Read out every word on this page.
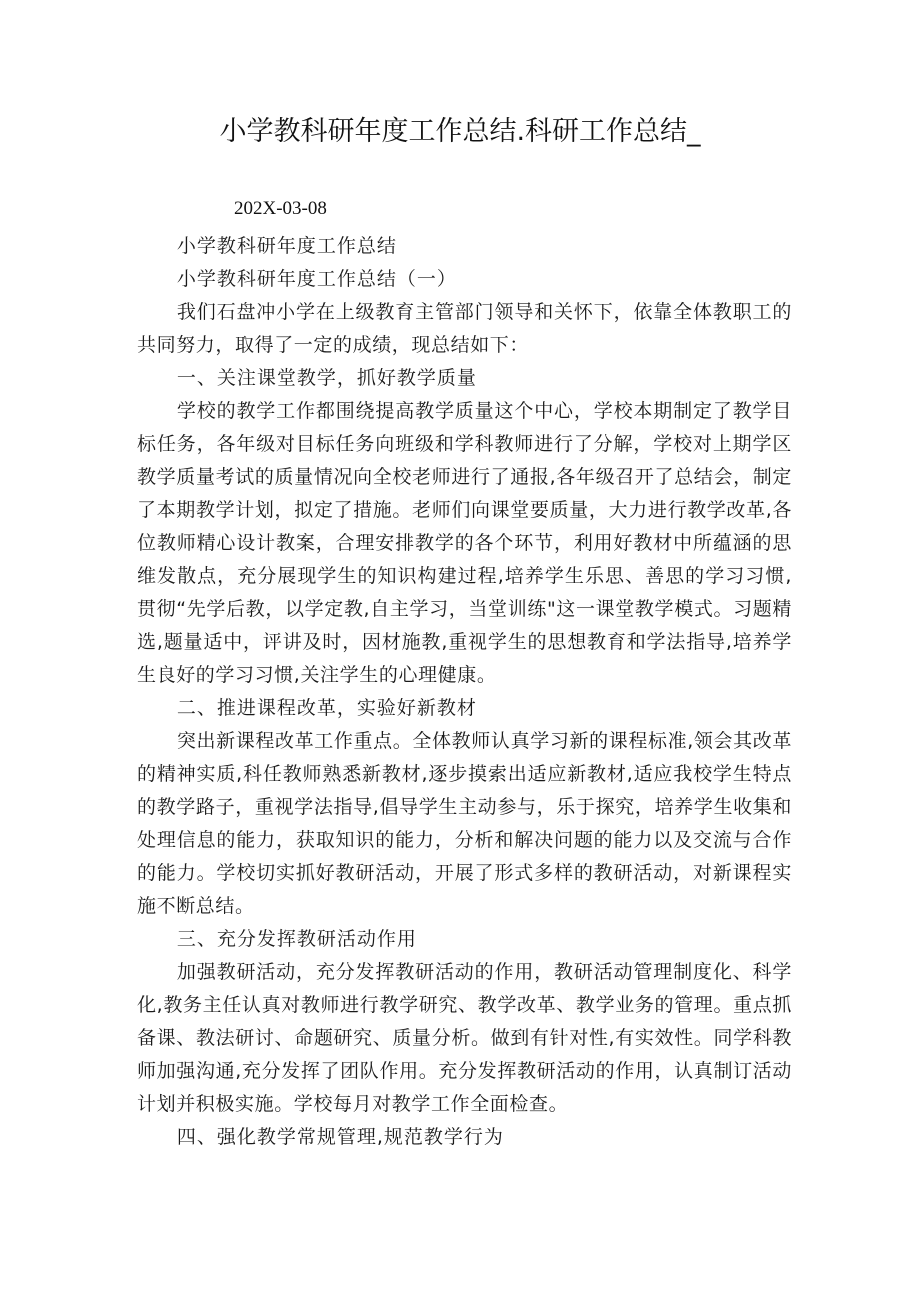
小学教科研年度工作总结.科研工作总结_
202X-03-08

小学教科研年度工作总结

小学教科研年度工作总结（一）

我们石盘冲小学在上级教育主管部门领导和关怀下，依靠全体教职工的共同努力，取得了一定的成绩，现总结如下：

一、关注课堂教学，抓好教学质量

学校的教学工作都围绕提高教学质量这个中心，学校本期制定了教学目标任务，各年级对目标任务向班级和学科教师进行了分解，学校对上期学区教学质量考试的质量情况向全校老师进行了通报,各年级召开了总结会，制定了本期教学计划，拟定了措施。老师们向课堂要质量，大力进行教学改革,各位教师精心设计教案，合理安排教学的各个环节，利用好教材中所蕴涵的思维发散点，充分展现学生的知识构建过程,培养学生乐思、善思的学习习惯,贯彻“先学后教，以学定教,自主学习，当堂训练"这一课堂教学模式。习题精选,题量适中，评讲及时，因材施教,重视学生的思想教育和学法指导,培养学生良好的学习习惯,关注学生的心理健康。

二、推进课程改革，实验好新教材

突出新课程改革工作重点。全体教师认真学习新的课程标准,领会其改革的精神实质,科任教师熟悉新教材,逐步摸索出适应新教材,适应我校学生特点的教学路子，重视学法指导,倡导学生主动参与，乐于探究，培养学生收集和处理信息的能力，获取知识的能力，分析和解决问题的能力以及交流与合作的能力。学校切实抓好教研活动，开展了形式多样的教研活动，对新课程实施不断总结。

三、充分发挥教研活动作用

加强教研活动，充分发挥教研活动的作用，教研活动管理制度化、科学化,教务主任认真对教师进行教学研究、教学改革、教学业务的管理。重点抓备课、教法研讨、命题研究、质量分析。做到有针对性,有实效性。同学科教师加强沟通,充分发挥了团队作用。充分发挥教研活动的作用，认真制订活动计划并积极实施。学校每月对教学工作全面检查。

四、强化教学常规管理,规范教学行为
